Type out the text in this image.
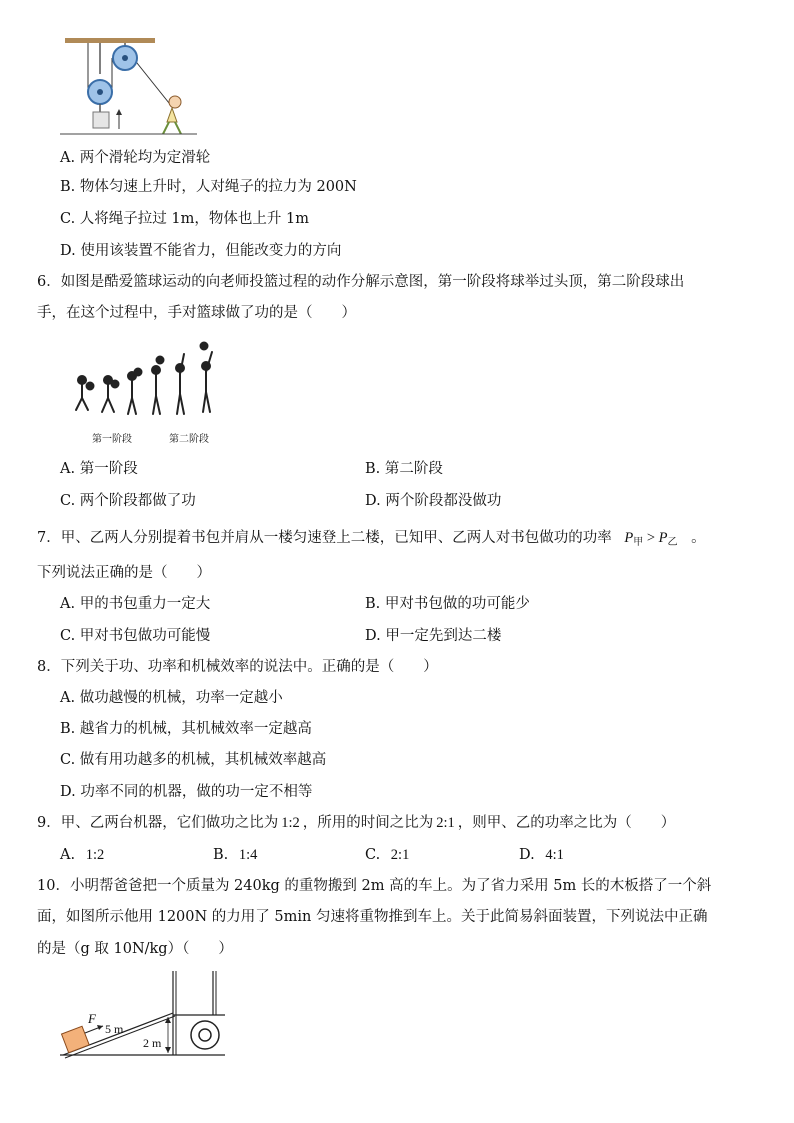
A. 两个滑轮均为定滑轮
B. 物体匀速上升时，人对绳子的拉力为 200N
C. 人将绳子拉过 1m，物体也上升 1m
D. 使用该装置不能省力，但能改变力的方向
6．如图是酷爱篮球运动的向老师投篮过程的动作分解示意图，第一阶段将球举过头顶，第二阶段球出
手，在这个过程中，手对篮球做了功的是（　　）
第一阶段	第二阶段
A. 第一阶段	B. 第二阶段
C. 两个阶段都做了功	D. 两个阶段都没做功
7．甲、乙两人分别提着书包并肩从一楼匀速登上二楼，已知甲、乙两人对书包做功的功率 $P_甲 > P_乙$ 。
下列说法正确的是（　　）
A. 甲的书包重力一定大	B. 甲对书包做的功可能少
C. 甲对书包做功可能慢	D. 甲一定先到达二楼
8．下列关于功、功率和机械效率的说法中。正确的是（　　）
A. 做功越慢的机械，功率一定越小
B. 越省力的机械，其机械效率一定越高
C. 做有用功越多的机械，其机械效率越高
D. 功率不同的机器，做的功一定不相等
9．甲、乙两台机器，它们做功之比为 1:2 ，所用的时间之比为 2:1 ，则甲、乙的功率之比为（　　）
A. 1:2	B. 1:4	C. 2:1	D. 4:1
10．小明帮爸爸把一个质量为 240kg 的重物搬到 2m 高的车上。为了省力采用 5m 长的木板搭了一个斜
面，如图所示他用 1200N 的力用了 5min 匀速将重物推到车上。关于此简易斜面装置，下列说法中正确
的是（g 取 10N/kg）（　　）
F
5 m
2 m
